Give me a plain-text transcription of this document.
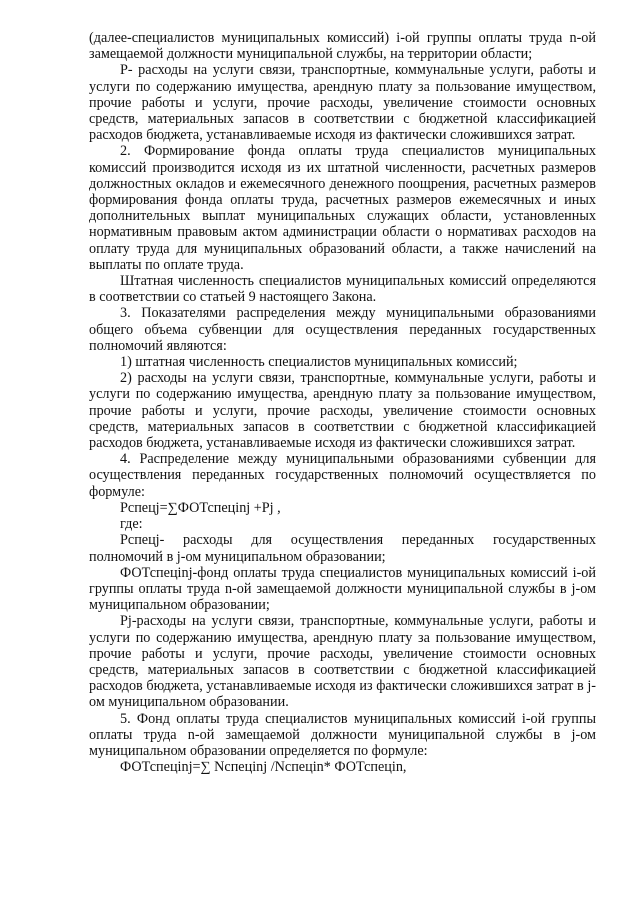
(далее-специалистов муниципальных комиссий) i-ой группы оплаты труда n-ой замещаемой должности муниципальной службы, на территории области;

Р- расходы на услуги связи, транспортные, коммунальные услуги, работы и услуги по содержанию имущества, арендную плату за пользование имуществом, прочие работы и услуги, прочие расходы, увеличение стоимости основных средств, материальных запасов в соответствии с бюджетной классификацией расходов бюджета, устанавливаемые исходя из фактически сложившихся затрат.

2. Формирование фонда оплаты труда специалистов муниципальных комиссий производится исходя из их штатной численности, расчетных размеров должностных окладов и ежемесячного денежного поощрения, расчетных размеров формирования фонда оплаты труда, расчетных размеров ежемесячных и иных дополнительных выплат муниципальных служащих области, установленных нормативным правовым актом администрации области о нормативах расходов на оплату труда для муниципальных образований области, а также начислений на выплаты по оплате труда.

Штатная численность специалистов муниципальных комиссий определяются в соответствии со статьей 9 настоящего Закона.

3. Показателями распределения между муниципальными образованиями общего объема субвенции для осуществления переданных государственных полномочий являются:

1) штатная численность специалистов муниципальных комиссий;

2) расходы на услуги связи, транспортные, коммунальные услуги, работы и услуги по содержанию имущества, арендную плату за пользование имуществом, прочие работы и услуги, прочие расходы, увеличение стоимости основных средств, материальных запасов в соответствии с бюджетной классификацией расходов бюджета, устанавливаемые исходя из фактически сложившихся затрат.

4. Распределение между муниципальными образованиями субвенции для осуществления переданных государственных полномочий осуществляется по формуле:

Рспецj=∑ФОТспецinj +Рj ,

где:

Рспецj- расходы для осуществления переданных государственных полномочий в j-ом муниципальном образовании;

ФОТспецinj-фонд оплаты труда специалистов муниципальных комиссий i-ой группы оплаты труда n-ой замещаемой должности муниципальной службы в j-ом муниципальном образовании;

Рj-расходы на услуги связи, транспортные, коммунальные услуги, работы и услуги по содержанию имущества, арендную плату за пользование имуществом, прочие работы и услуги, прочие расходы, увеличение стоимости основных средств, материальных запасов в соответствии с бюджетной классификацией расходов бюджета, устанавливаемые исходя из фактически сложившихся затрат в j-ом муниципальном образовании.

5. Фонд оплаты труда специалистов муниципальных комиссий i-ой группы оплаты труда n-ой замещаемой должности муниципальной службы в j-ом муниципальном образовании определяется по формуле:

ФОТспецinj=∑ Nспецinj /Nспецin* ФОТспецin,
